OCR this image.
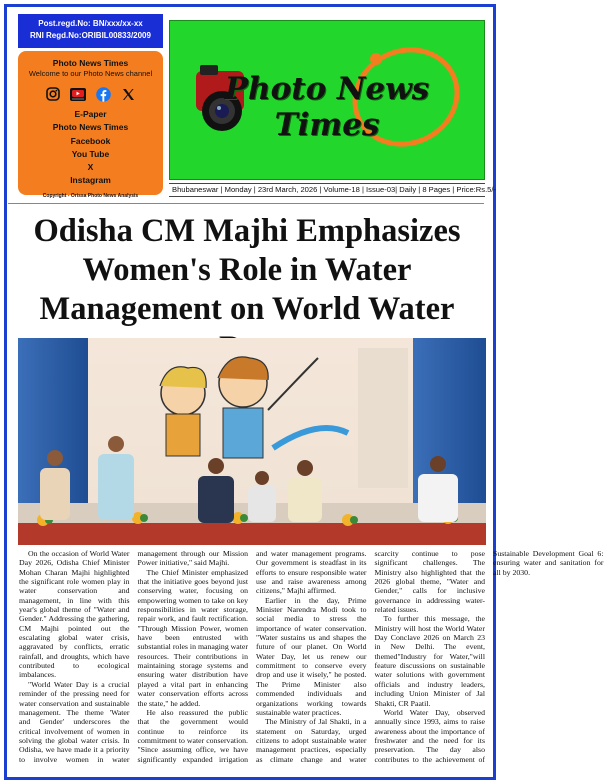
Post.regd.No: BN/xxx/xx-xx
RNI Regd.No:ORIBIL00833/2009
Photo News Times
Welcome to our Photo News channel
E-Paper
Photo News Times
Facebook
You Tube
X
Instagram
Copyright - Orissa Photo News Analysis
Photo News Times
Bhubaneswar | Monday | 23rd March, 2026 | Volume-18 | Issue-03| Daily | 8 Pages | Price:Rs.5/-
Odisha CM Majhi Emphasizes
Women's Role in Water
Management on World Water

On the occasion of World Water Day 2026, Odisha Chief Minister Mohan Charan Majhi highlighted the significant role women play in water conservation and management, in line with this year's global theme of "Water and Gender." Addressing the gathering, CM Majhi pointed out the escalating global water crisis, aggravated by conflicts, erratic rainfall, and droughts, which have contributed to ecological imbalances.

"World Water Day is a crucial reminder of the pressing need for water conservation and sustainable management. The theme 'Water and Gender' underscores the critical involvement of women in solving the global water crisis. In Odisha, we have made it a priority to involve women in water management through our Mission Power initiative," said Majhi.

The Chief Minister emphasized that the initiative goes beyond just conserving water, focusing on empowering women to take on key responsibilities in water storage, repair work, and fault rectification. "Through Mission Power, women have been entrusted with substantial roles in managing water resources. Their contributions in maintaining storage systems and ensuring water distribution have played a vital part in enhancing water conservation efforts across the state," he added.

He also reassured the public that the government would continue to reinforce its commitment to water conservation. "Since assuming office, we have significantly expanded irrigation and water management programs. Our government is steadfast in its efforts to ensure responsible water use and raise awareness among citizens," Majhi affirmed.

Earlier in the day, Prime Minister Narendra Modi took to social media to stress the importance of water conservation. "Water sustains us and shapes the future of our planet. On World Water Day, let us renew our commitment to conserve every drop and use it wisely," he posted. The Prime Minister also commended individuals and organizations working towards sustainable water practices.

The Ministry of Jal Shakti, in a statement on Saturday, urged citizens to adopt sustainable water management practices, especially as climate change and water scarcity continue to pose significant challenges. The Ministry also highlighted that the 2026 global theme, "Water and Gender," calls for inclusive governance in addressing water-related issues.

To further this message, the Ministry will host the World Water Day Conclave 2026 on March 23 in New Delhi. The event, themed"Industry for Water,"will feature discussions on sustainable water solutions with government officials and industry leaders, including Union Minister of Jal Shakti, CR Paatil.

World Water Day, observed annually since 1993, aims to raise awareness about the importance of freshwater and the need for its preservation. The day also contributes to the achievement of Sustainable Development Goal 6: ensuring water and sanitation for all by 2030.
